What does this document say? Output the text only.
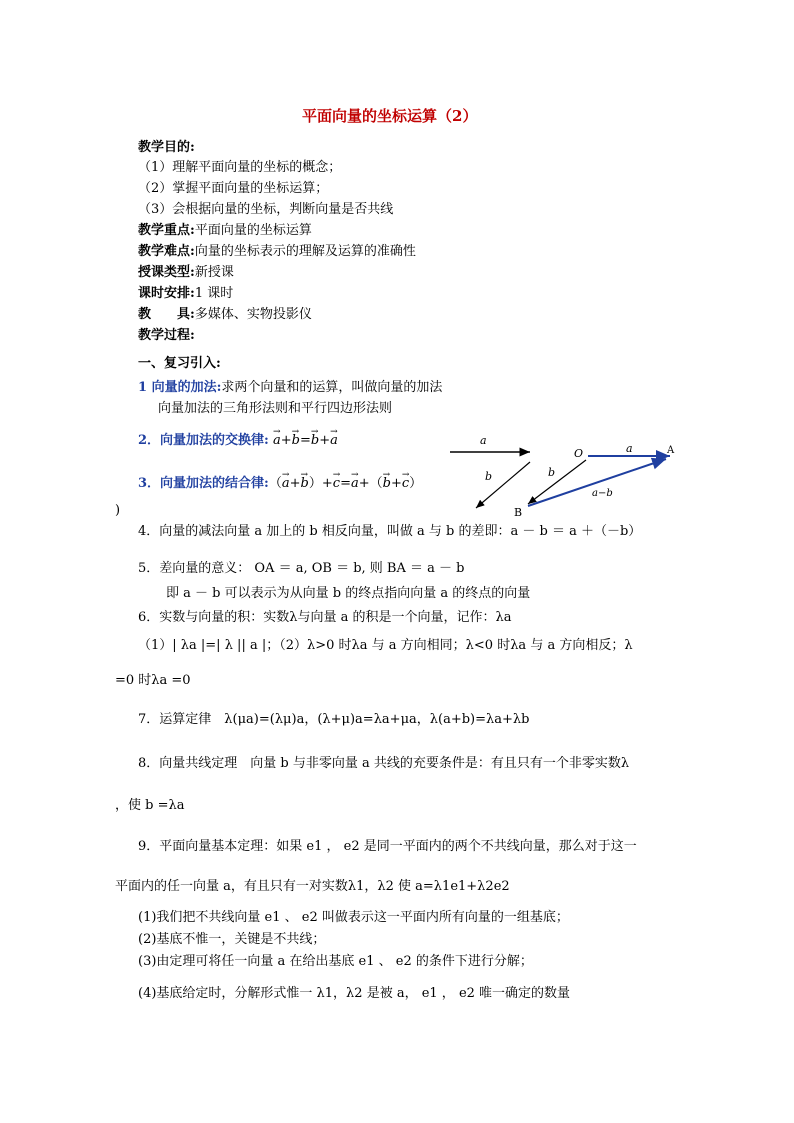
平面向量的坐标运算（2）
教学目的:
（1）理解平面向量的坐标的概念；
（2）掌握平面向量的坐标运算；
（3）会根据向量的坐标，判断向量是否共线
教学重点:平面向量的坐标运算
教学难点:向量的坐标表示的理解及运算的准确性
授课类型:新授课
课时安排:1 课时
教　　具:多媒体、实物投影仪
教学过程:
一、复习引入:
1 向量的加法:求两个向量和的运算，叫做向量的加法
向量加法的三角形法则和平行四边形法则
2．向量加法的交换律: → a+→ b=→ b+→ a
3．向量加法的结合律:（→ a+→ b）+→ c=→ a+（→ b+→ c）
)
a
b
O	a	A
b
a−b
B
4．向量的减法向量 a 加上的 b 相反向量，叫做 a 与 b 的差即：a － b ＝ a ＋（－b）
5．差向量的意义： OA ＝ a, OB ＝ b, 则 BA ＝ a － b
即 a － b 可以表示为从向量 b 的终点指向向量 a 的终点的向量
6．实数与向量的积：实数λ与向量 a 的积是一个向量，记作：λa
（1）| λa |=| λ || a |；（2）λ>0 时λa 与 a 方向相同；λ<0 时λa 与 a 方向相反；λ
=0 时λa =0
7．运算定律　λ(μa)=(λμ)a，(λ+μ)a=λa+μa，λ(a+b)=λa+λb
8．向量共线定理　向量 b 与非零向量 a 共线的充要条件是：有且只有一个非零实数λ
，使 b =λa
9．平面向量基本定理：如果 e1 ， e2 是同一平面内的两个不共线向量，那么对于这一
平面内的任一向量 a，有且只有一对实数λ1，λ2 使 a=λ1e1+λ2e2
(1)我们把不共线向量 e1 、 e2 叫做表示这一平面内所有向量的一组基底；
(2)基底不惟一，关键是不共线；
(3)由定理可将任一向量 a 在给出基底 e1 、 e2 的条件下进行分解；
(4)基底给定时，分解形式惟一 λ1，λ2 是被 a， e1 ， e2 唯一确定的数量
